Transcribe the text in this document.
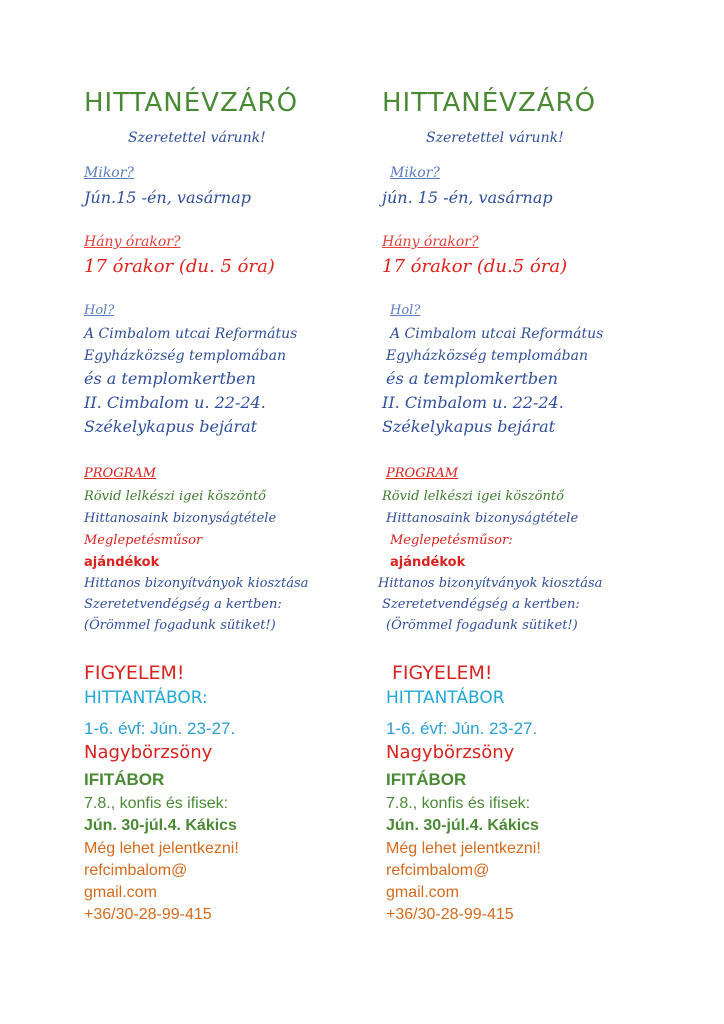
HITTANÉVZÁRÓ
Szeretettel várunk!
Mikor?
Jún.15 -én, vasárnap
Hány órakor?
17 órakor (du. 5 óra)
Hol?
A Cimbalom utcai Református
Egyházközség templomában
és a templomkertben
II. Cimbalom u. 22-24.
Székelykapus bejárat
PROGRAM
Rövid lelkészi igei köszöntő
Hittanosaink bizonyságtétele
Meglepetésműsor
ajándékok
Hittanos bizonyítványok kiosztása
Szeretetvendégség a kertben:
(Örömmel fogadunk sütiket!)
FIGYELEM!
HITTANTÁBOR:
1-6. évf: Jún. 23-27.
Nagybörzsöny
IFITÁBOR
7.8., konfis és ifisek:
Jún. 30-júl.4. Kákics
Még lehet jelentkezni!
refcimbalom@
gmail.com
+36/30-28-99-415
HITTANÉVZÁRÓ
Szeretettel várunk!
Mikor?
jún. 15 -én, vasárnap
Hány órakor?
17 órakor (du.5 óra)
Hol?
A Cimbalom utcai Református
Egyházközség templomában
és a templomkertben
II. Cimbalom u. 22-24.
Székelykapus bejárat
PROGRAM
Rövid lelkészi igei köszöntő
Hittanosaink bizonyságtétele
Meglepetésműsor:
ajándékok
Hittanos bizonyítványok kiosztása
Szeretetvendégség a kertben:
(Örömmel fogadunk sütiket!)
FIGYELEM!
HITTANTÁBOR
1-6. évf: Jún. 23-27.
Nagybörzsöny
IFITÁBOR
7.8., konfis és ifisek:
Jún. 30-júl.4. Kákics
Még lehet jelentkezni!
refcimbalom@
gmail.com
+36/30-28-99-415
